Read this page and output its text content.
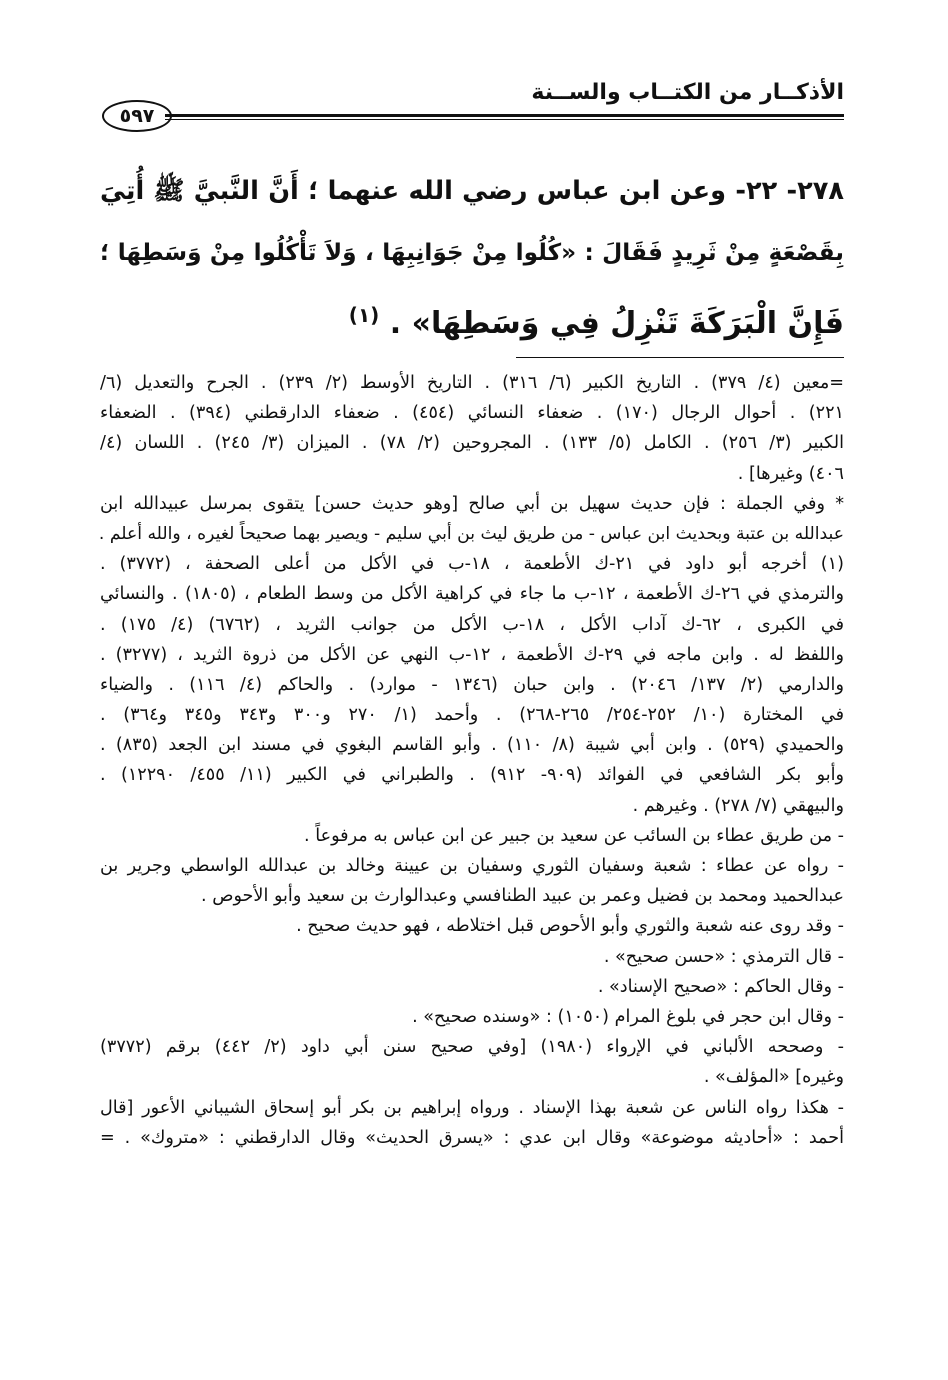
الأذكــار من الكتــاب والســنة
٥٩٧
٢٧٨- ٢٢- وعن ابن عباس رضي الله عنهما ؛ أَنَّ النَّبيَّ ﷺ أُتِيَ
بِقَصْعَةٍ مِنْ ثَرِيدٍ فَقَالَ : «كُلُوا مِنْ جَوَانِبِهَا ، وَلاَ تَأْكُلُوا مِنْ وَسَطِهَا ؛
فَإِنَّ الْبَرَكَةَ تَنْزِلُ فِي وَسَطِهَا» . $^{(١)}$
=معين (٤/ ٣٧٩) . التاريخ الكبير (٦/ ٣١٦) . التاريخ الأوسط (٢/ ٢٣٩) . الجرح والتعديل (٦/
٢٢١) . أحوال الرجال (١٧٠) . ضعفاء النسائي (٤٥٤) . ضعفاء الدارقطني (٣٩٤) . الضعفاء
الكبير (٣/ ٢٥٦) . الكامل (٥/ ١٣٣) . المجروحين (٢/ ٧٨) . الميزان (٣/ ٢٤٥) . اللسان (٤/
٤٠٦) وغيرها] .
* وفي الجملة : فإن حديث سهيل بن أبي صالح [وهو حديث حسن] يتقوى بمرسل عبيدالله ابن
عبدالله بن عتبة وبحديث ابن عباس - من طريق ليث بن أبي سليم - ويصير بهما صحيحاً لغيره ، والله أعلم .
(١) أخرجه أبو داود في ٢١-ك الأطعمة ، ١٨-ب في الأكل من أعلى الصحفة ، (٣٧٧٢) .
والترمذي في ٢٦-ك الأطعمة ، ١٢-ب ما جاء في كراهية الأكل من وسط الطعام ، (١٨٠٥) . والنسائي
في الكبرى ، ٦٢-ك آداب الأكل ، ١٨-ب الأكل من جوانب الثريد ، (٦٧٦٢) (٤/ ١٧٥) .
واللفظ له . وابن ماجه في ٢٩-ك الأطعمة ، ١٢-ب النهي عن الأكل من ذروة الثريد ، (٣٢٧٧) .
والدارمي (٢/ ١٣٧/ ٢٠٤٦) . وابن حبان (١٣٤٦ - موارد) . والحاكم (٤/ ١١٦) . والضياء
في المختارة (١٠/ ٢٥٢-٢٥٤/ ٢٦٥-٢٦٨) . وأحمد (١/ ٢٧٠ و٣٠٠ و٣٤٣ و٣٤٥ و٣٦٤) .
والحميدي (٥٢٩) . وابن أبي شيبة (٨/ ١١٠) . وأبو القاسم البغوي في مسند ابن الجعد (٨٣٥) .
وأبو بكر الشافعي في الفوائد (٩٠٩- ٩١٢) . والطبراني في الكبير (١١/ ٤٥٥/ ١٢٢٩٠) .
والبيهقي (٧/ ٢٧٨) . وغيرهم .
- من طريق عطاء بن السائب عن سعيد بن جبير عن ابن عباس به مرفوعاً .
- رواه عن عطاء : شعبة وسفيان الثوري وسفيان بن عيينة وخالد بن عبدالله الواسطي وجرير بن
عبدالحميد ومحمد بن فضيل وعمر بن عبيد الطنافسي وعبدالوارث بن سعيد وأبو الأحوص .
- وقد روى عنه شعبة والثوري وأبو الأحوص قبل اختلاطه ، فهو حديث صحيح .
- قال الترمذي : «حسن صحيح» .
- وقال الحاكم : «صحيح الإسناد» .
- وقال ابن حجر في بلوغ المرام (١٠٥٠) : «وسنده صحيح» .
- وصححه الألباني في الإرواء (١٩٨٠) [وفي صحيح سنن أبي داود (٢/ ٤٤٢) برقم (٣٧٧٢)
وغيره] «المؤلف» .
- هكذا رواه الناس عن شعبة بهذا الإسناد . ورواه إبراهيم بن بكر أبو إسحاق الشيباني الأعور [قال
أحمد : «أحاديثه موضوعة» وقال ابن عدي : «يسرق الحديث» وقال الدارقطني : «متروك» . =
